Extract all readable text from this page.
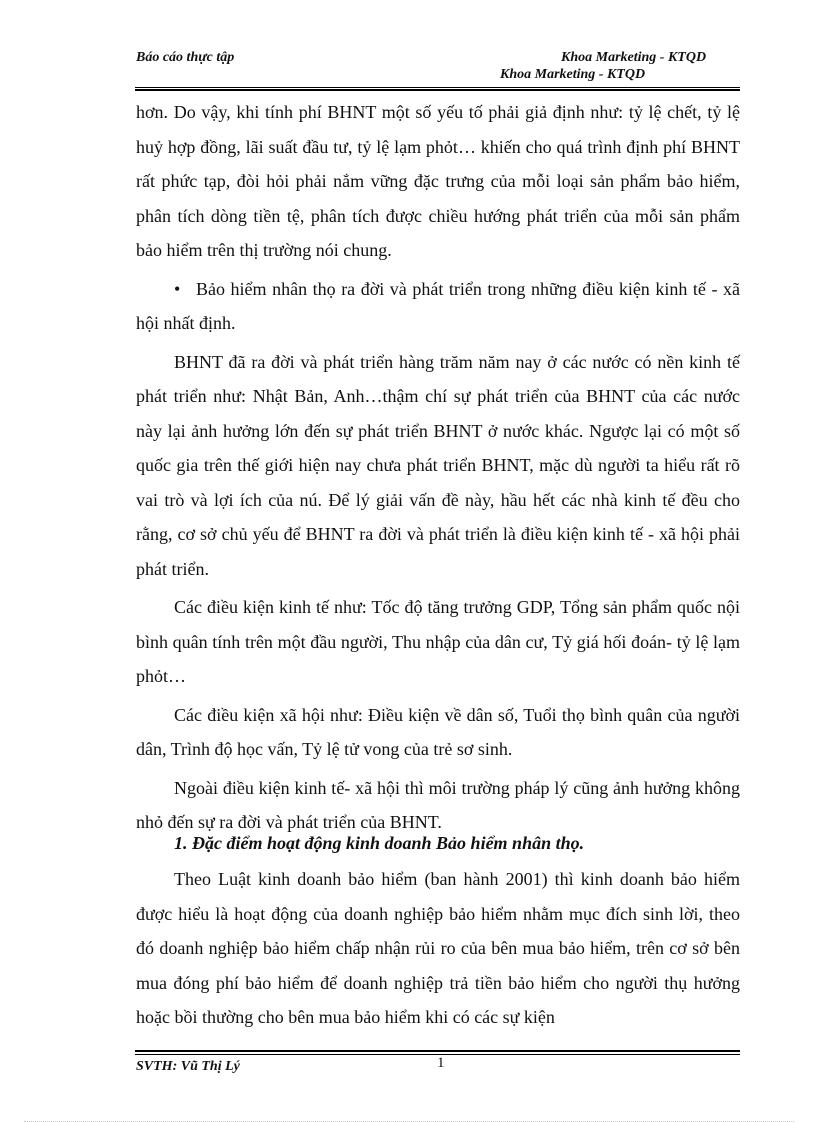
Báo cáo thực tập	Khoa Marketing - KTQD
Khoa Marketing - KTQD

hơn. Do vậy, khi tính phí BHNT một số yếu tố phải giả định như: tỷ lệ chết, tỷ lệ huỷ hợp đồng, lãi suất đầu tư, tỷ lệ lạm phỏt… khiến cho quá trình định phí BHNT rất phức tạp, đòi hỏi phải nắm vững đặc trưng của mỗi loại sản phẩm bảo hiểm, phân tích dòng tiền tệ, phân tích được chiều hướng phát triển của mỗi sản phẩm bảo hiểm trên thị trường nói chung.

• Bảo hiểm nhân thọ ra đời và phát triển trong những điều kiện kinh tế - xã hội nhất định.

BHNT đã ra đời và phát triển hàng trăm năm nay ở các nước có nền kinh tế phát triển như: Nhật Bản, Anh…thậm chí sự phát triển của BHNT của các nước này lại ảnh hưởng lớn đến sự phát triển BHNT ở nước khác. Ngược lại có một số quốc gia trên thế giới hiện nay chưa phát triển BHNT, mặc dù người ta hiểu rất rõ vai trò và lợi ích của nú. Để lý giải vấn đề này, hầu hết các nhà kinh tế đều cho rằng, cơ sở chủ yếu để BHNT ra đời và phát triển là điều kiện kinh tế - xã hội phải phát triển.

Các điều kiện kinh tế như: Tốc độ tăng trưởng GDP, Tổng sản phẩm quốc nội bình quân tính trên một đầu người, Thu nhập của dân cư, Tỷ giá hối đoán- tỷ lệ lạm phỏt…

Các điều kiện xã hội như: Điều kiện về dân số, Tuổi thọ bình quân của người dân, Trình độ học vấn, Tỷ lệ tử vong của trẻ sơ sinh.

Ngoài điều kiện kinh tế- xã hội thì môi trường pháp lý cũng ảnh hưởng không nhỏ đến sự ra đời và phát triển của BHNT.

1. Đặc điểm hoạt động kinh doanh Bảo hiểm nhân thọ.

Theo Luật kinh doanh bảo hiểm (ban hành 2001) thì kinh doanh bảo hiểm được hiểu là hoạt động của doanh nghiệp bảo hiểm nhằm mục đích sinh lời, theo đó doanh nghiệp bảo hiểm chấp nhận rủi ro của bên mua bảo hiểm, trên cơ sở bên mua đóng phí bảo hiểm để doanh nghiệp trả tiền bảo hiểm cho người thụ hưởng hoặc bồi thường cho bên mua bảo hiểm khi có các sự kiện

SVTH: Vũ Thị Lý	1
